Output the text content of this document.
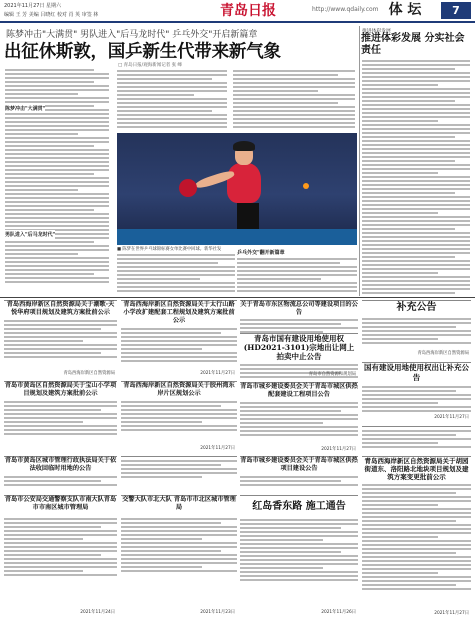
2021年11月27日 星期六
编辑 王 芳 美编 吕晓红 校对 肖 英 审签 林	青岛日报	http://www.qdaily.com 体 坛	7
陈梦冲击"大满贯" 男队进入"后马龙时代" 乒乓外交"开启新篇章
出征休斯敦，国乒新生代带来新气象
□ 青岛日报/观海新闻记者 张 峰
陈梦冲击"大满贯"
男队进入"后马龙时代"
■ 陈梦在世界乒乓球锦标赛女单比赛中回球。新华社发
乒乓外交"翻开新篇章
推进体彩发展
推进体彩发展 分实社会责任
青岛西海岸新区自然资源局关于潮歌·天悦华府项目规划及建筑方案批前公示
青岛西海岸新区自然资源局
青岛西海岸新区自然资源局关于太行山路小学改扩建配套工程规划及建筑方案批前公示
2021年11月27日
关于青岛市东区物流总公司等建设项目的公告
青岛市国有建设用地使用权(HD2021-3101)宗地出让网上拍卖中止公告
青岛市自然资源和规划局
补充公告
青岛西海岸新区自然资源局
国有建设用地使用权出让补充公告
2021年11月27日
青岛市黄岛区自然资源局关于宝山小学项目规划及建筑方案批前公示
青岛西海岸新区自然资源局关于胶州湾东岸片区规划公示
2021年11月27日
青岛市城乡建设委员会关于青岛市城区供热配套建设工程项目公告
2021年11月27日
青岛市黄岛区城市管理行政执法局关于依法收回临时用地的公告
青岛市城乡建设委员会关于青岛市城区供热项目建设公告
青岛西海岸新区自然资源局关于胡园街道东、洛阳路北地块项目规划及建筑方案变更批前公示
2021年11月27日
青岛市公安局交通警察支队市南大队青岛市市南区城市管理局
2021年11月24日
交警大队市北大队 青岛市市北区城市管理局
2021年11月23日
红岛香东路 施工通告
2021年11月26日
